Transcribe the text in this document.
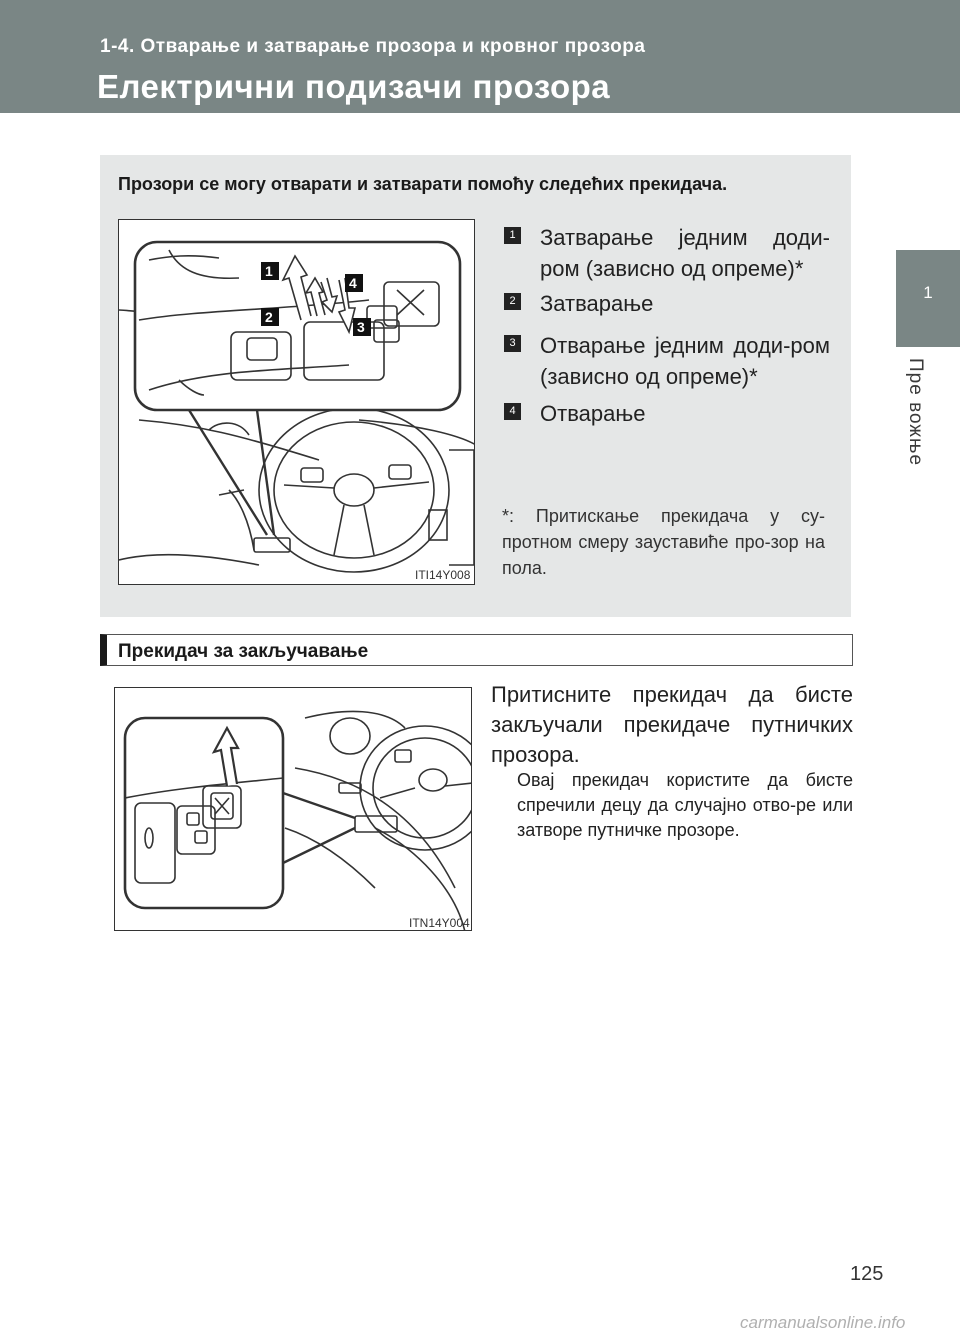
1-4. Отварање и затварање прозора и кровног прозора
Електрични подизачи прозора
1
Пре вожње
Прозори се могу отварати и затварати помоћу следећих прекидача.
1
2
3
4
ITI14Y008
1 Затварање једним доди-ром (зависно од опреме)*
2 Затварање
3 Отварање једним доди-ром (зависно од опреме)*
4 Отварање
*: Притискање прекидача у су-протном смеру зауставиће про-зор на пола.
Прекидач за закључавање
ITN14Y004
Притисните прекидач да бисте закључали прекидаче путничких прозора.
Овај прекидач користите да бисте спречили децу да случајно отво-ре или затворе путничке прозоре.
125
carmanualsonline.info
